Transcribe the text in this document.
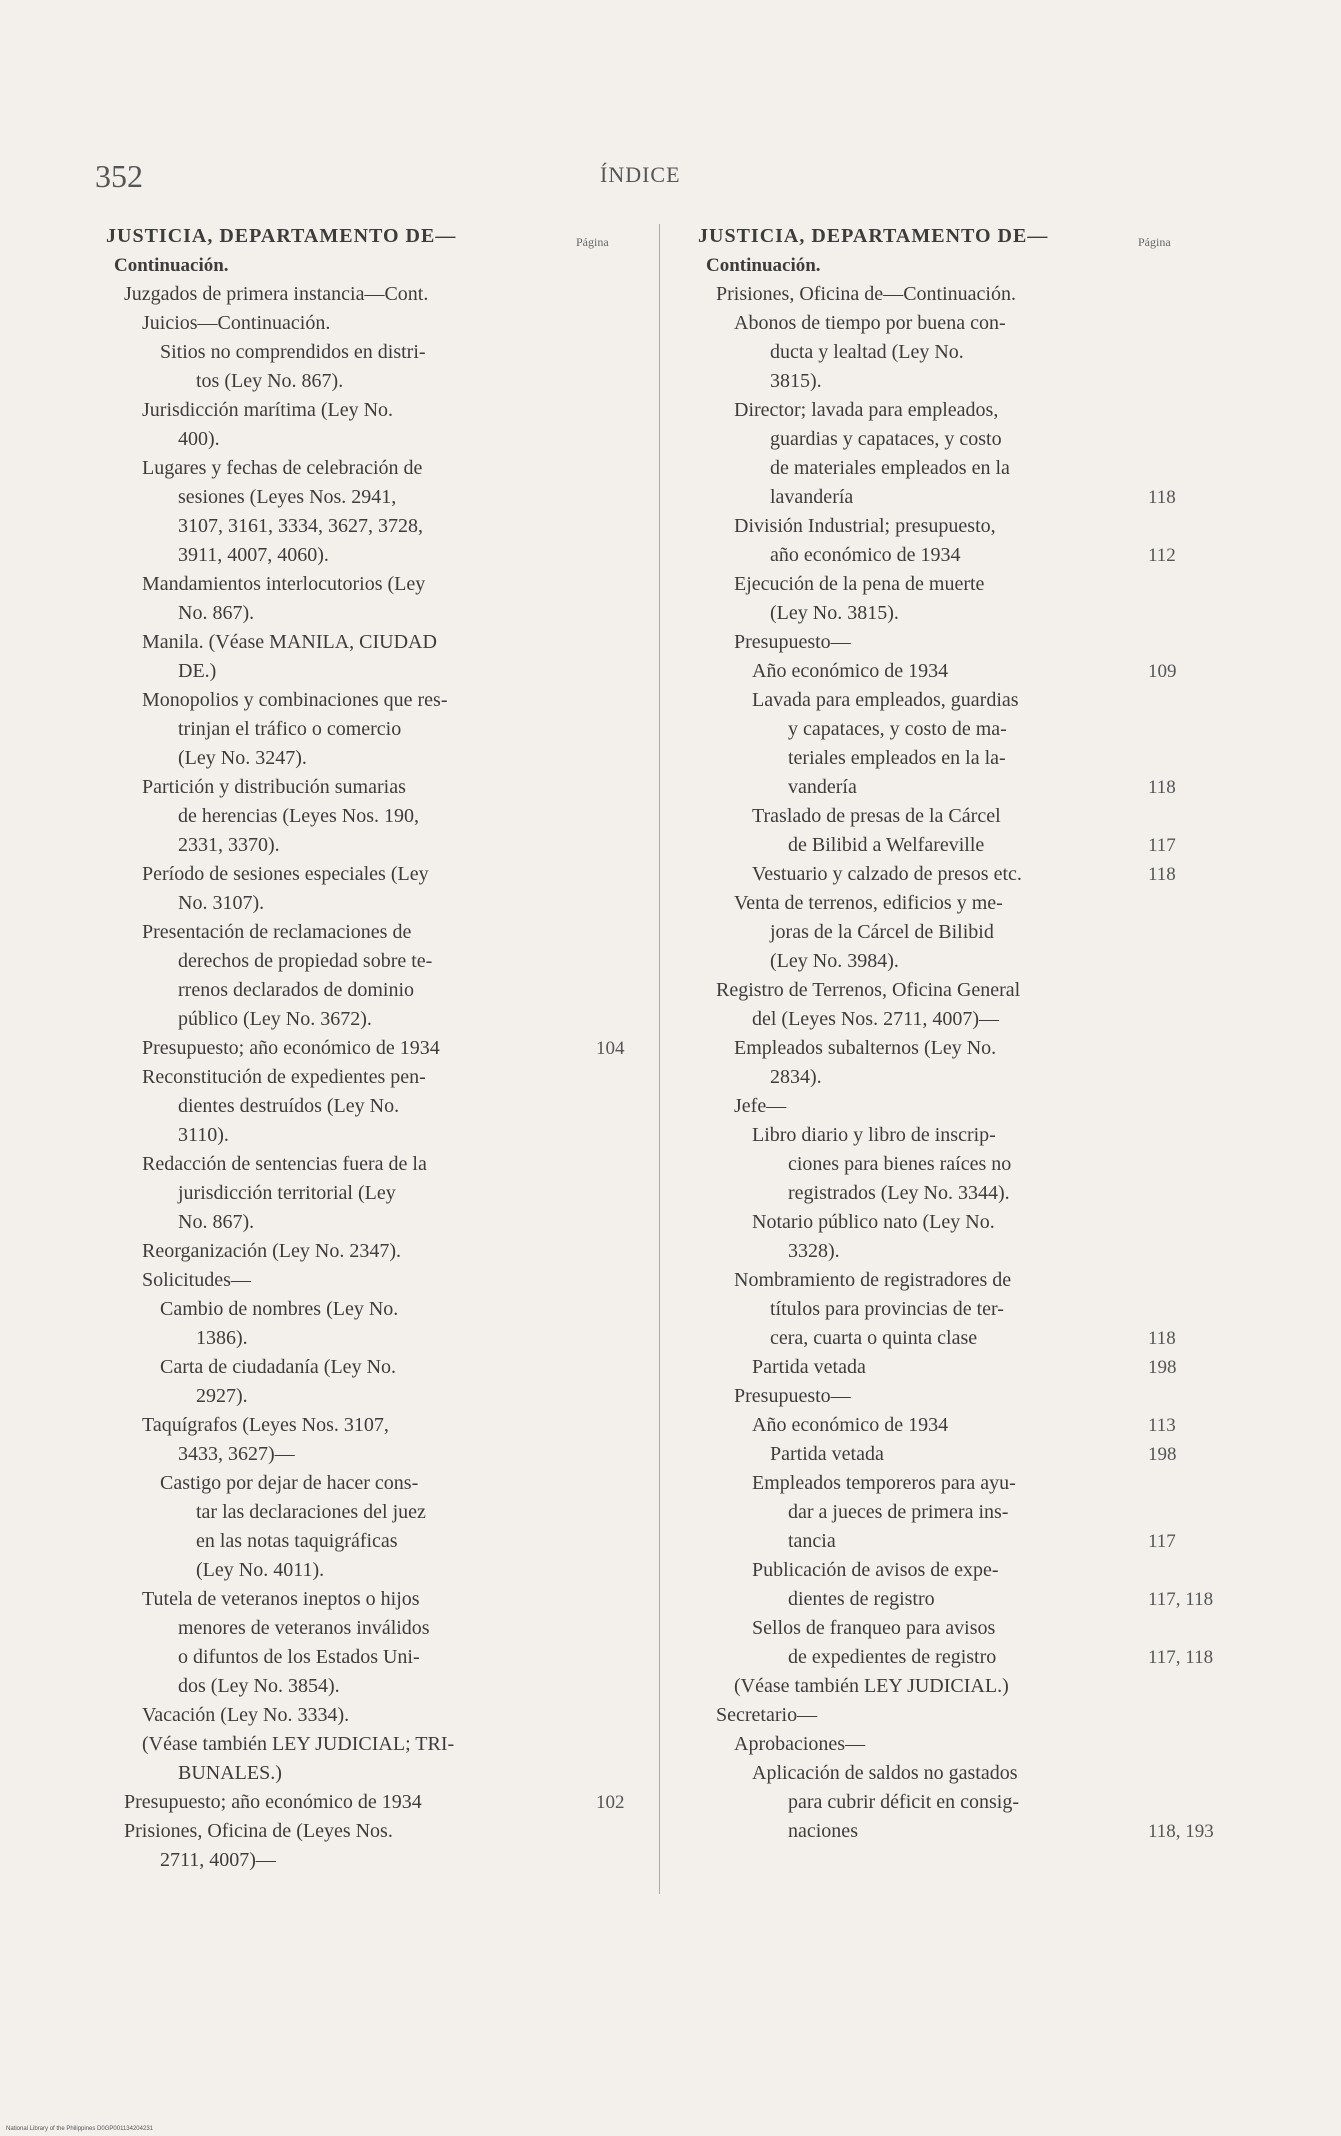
352	ÍNDICE
JUSTICIA, DEPARTAMENTO DE—	Página
Continuación.
Juzgados de primera instancia—Cont.
Juicios—Continuación.
Sitios no comprendidos en distri-
tos (Ley No. 867).
Jurisdicción marítima (Ley No.
400).
Lugares y fechas de celebración de
sesiones (Leyes Nos. 2941,
3107, 3161, 3334, 3627, 3728,
3911, 4007, 4060).
Mandamientos interlocutorios (Ley
No. 867).
Manila. (Véase MANILA, CIUDAD
DE.)
Monopolios y combinaciones que res-
trinjan el tráfico o comercio
(Ley No. 3247).
Partición y distribución sumarias
de herencias (Leyes Nos. 190,
2331, 3370).
Período de sesiones especiales (Ley
No. 3107).
Presentación de reclamaciones de
derechos de propiedad sobre te-
rrenos declarados de dominio
público (Ley No. 3672).
Presupuesto; año económico de 1934	104
Reconstitución de expedientes pen-
dientes destruídos (Ley No.
3110).
Redacción de sentencias fuera de la
jurisdicción territorial (Ley
No. 867).
Reorganización (Ley No. 2347).
Solicitudes—
Cambio de nombres (Ley No.
1386).
Carta de ciudadanía (Ley No.
2927).
Taquígrafos (Leyes Nos. 3107,
3433, 3627)—
Castigo por dejar de hacer cons-
tar las declaraciones del juez
en las notas taquigráficas
(Ley No. 4011).
Tutela de veteranos ineptos o hijos
menores de veteranos inválidos
o difuntos de los Estados Uni-
dos (Ley No. 3854).
Vacación (Ley No. 3334).
(Véase también LEY JUDICIAL; TRI-
BUNALES.)
Presupuesto; año económico de 1934	102
Prisiones, Oficina de (Leyes Nos.
2711, 4007)—
JUSTICIA, DEPARTAMENTO DE—	Página
Continuación.
Prisiones, Oficina de—Continuación.
Abonos de tiempo por buena con-
ducta y lealtad (Ley No.
3815).
Director; lavada para empleados,
guardias y capataces, y costo
de materiales empleados en la
lavandería	118
División Industrial; presupuesto,
año económico de 1934	112
Ejecución de la pena de muerte
(Ley No. 3815).
Presupuesto—
Año económico de 1934	109
Lavada para empleados, guardias
y capataces, y costo de ma-
teriales empleados en la la-
vandería	118
Traslado de presas de la Cárcel
de Bilibid a Welfareville	117
Vestuario y calzado de presos etc.	118
Venta de terrenos, edificios y me-
joras de la Cárcel de Bilibid
(Ley No. 3984).
Registro de Terrenos, Oficina General
del (Leyes Nos. 2711, 4007)—
Empleados subalternos (Ley No.
2834).
Jefe—
Libro diario y libro de inscrip-
ciones para bienes raíces no
registrados (Ley No. 3344).
Notario público nato (Ley No.
3328).
Nombramiento de registradores de
títulos para provincias de ter-
cera, cuarta o quinta clase	118
Partida vetada	198
Presupuesto—
Año económico de 1934	113
Partida vetada	198
Empleados temporeros para ayu-
dar a jueces de primera ins-
tancia	117
Publicación de avisos de expe-
dientes de registro	117, 118
Sellos de franqueo para avisos
de expedientes de registro	117, 118
(Véase también LEY JUDICIAL.)
Secretario—
Aprobaciones—
Aplicación de saldos no gastados
para cubrir déficit en consig-
naciones	118, 193
National Library of the Philippines D0GP001134204231
